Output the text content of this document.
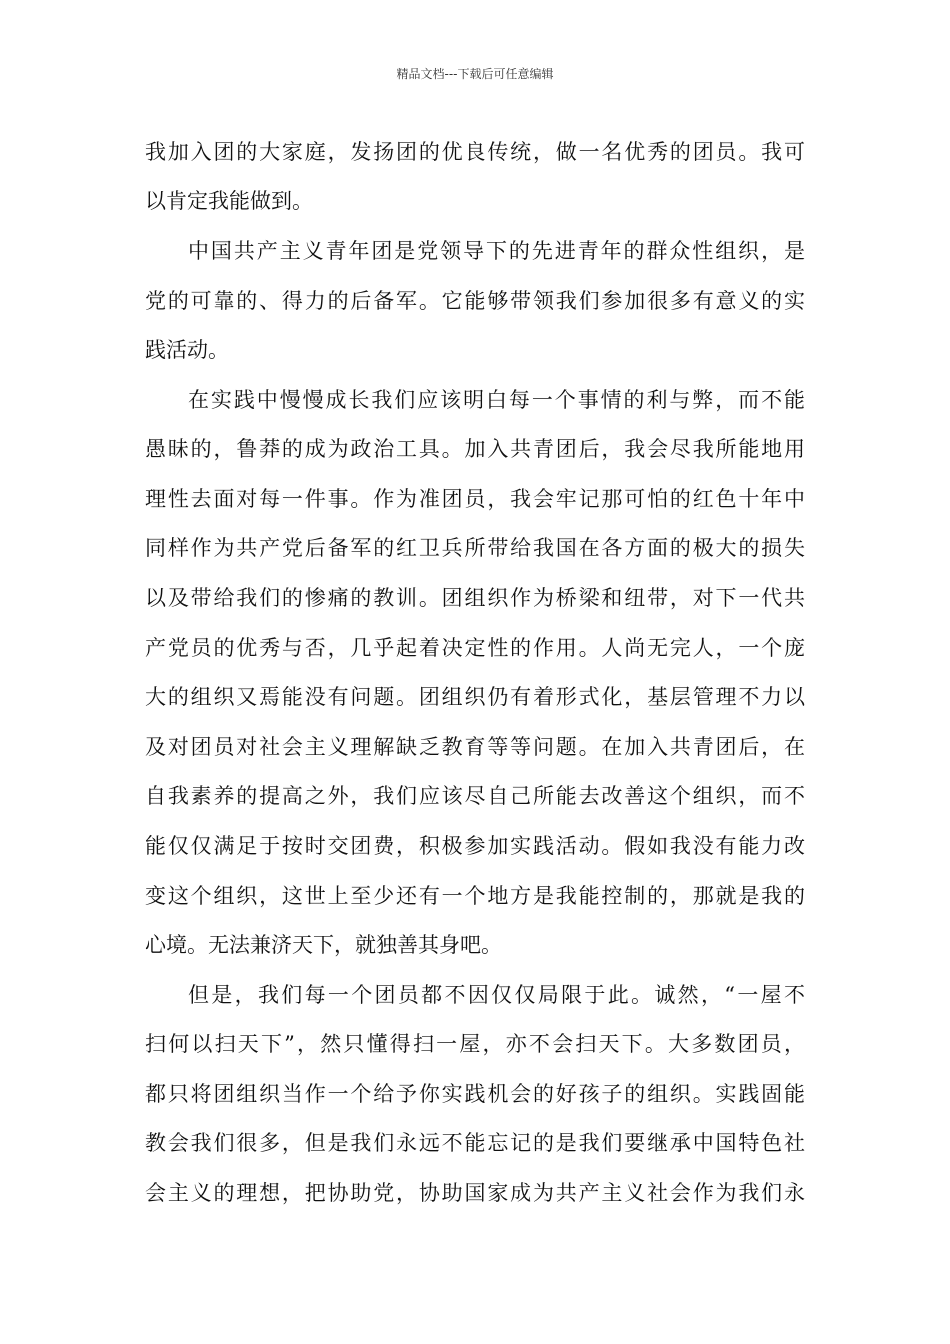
精品文档---下载后可任意编辑
我加入团的大家庭，发扬团的优良传统，做一名优秀的团员。我可
以肯定我能做到。
中国共产主义青年团是党领导下的先进青年的群众性组织，是
党的可靠的、得力的后备军。它能够带领我们参加很多有意义的实
践活动。
在实践中慢慢成长我们应该明白每一个事情的利与弊，而不能
愚昧的，鲁莽的成为政治工具。加入共青团后，我会尽我所能地用
理性去面对每一件事。作为准团员，我会牢记那可怕的红色十年中
同样作为共产党后备军的红卫兵所带给我国在各方面的极大的损失
以及带给我们的惨痛的教训。团组织作为桥梁和纽带，对下一代共
产党员的优秀与否，几乎起着决定性的作用。人尚无完人，一个庞
大的组织又焉能没有问题。团组织仍有着形式化，基层管理不力以
及对团员对社会主义理解缺乏教育等等问题。在加入共青团后，在
自我素养的提高之外，我们应该尽自己所能去改善这个组织，而不
能仅仅满足于按时交团费，积极参加实践活动。假如我没有能力改
变这个组织，这世上至少还有一个地方是我能控制的，那就是我的
心境。无法兼济天下，就独善其身吧。
但是，我们每一个团员都不因仅仅局限于此。诚然，“一屋不
扫何以扫天下”，然只懂得扫一屋，亦不会扫天下。大多数团员，
都只将团组织当作一个给予你实践机会的好孩子的组织。实践固能
教会我们很多，但是我们永远不能忘记的是我们要继承中国特色社
会主义的理想，把协助党，协助国家成为共产主义社会作为我们永
